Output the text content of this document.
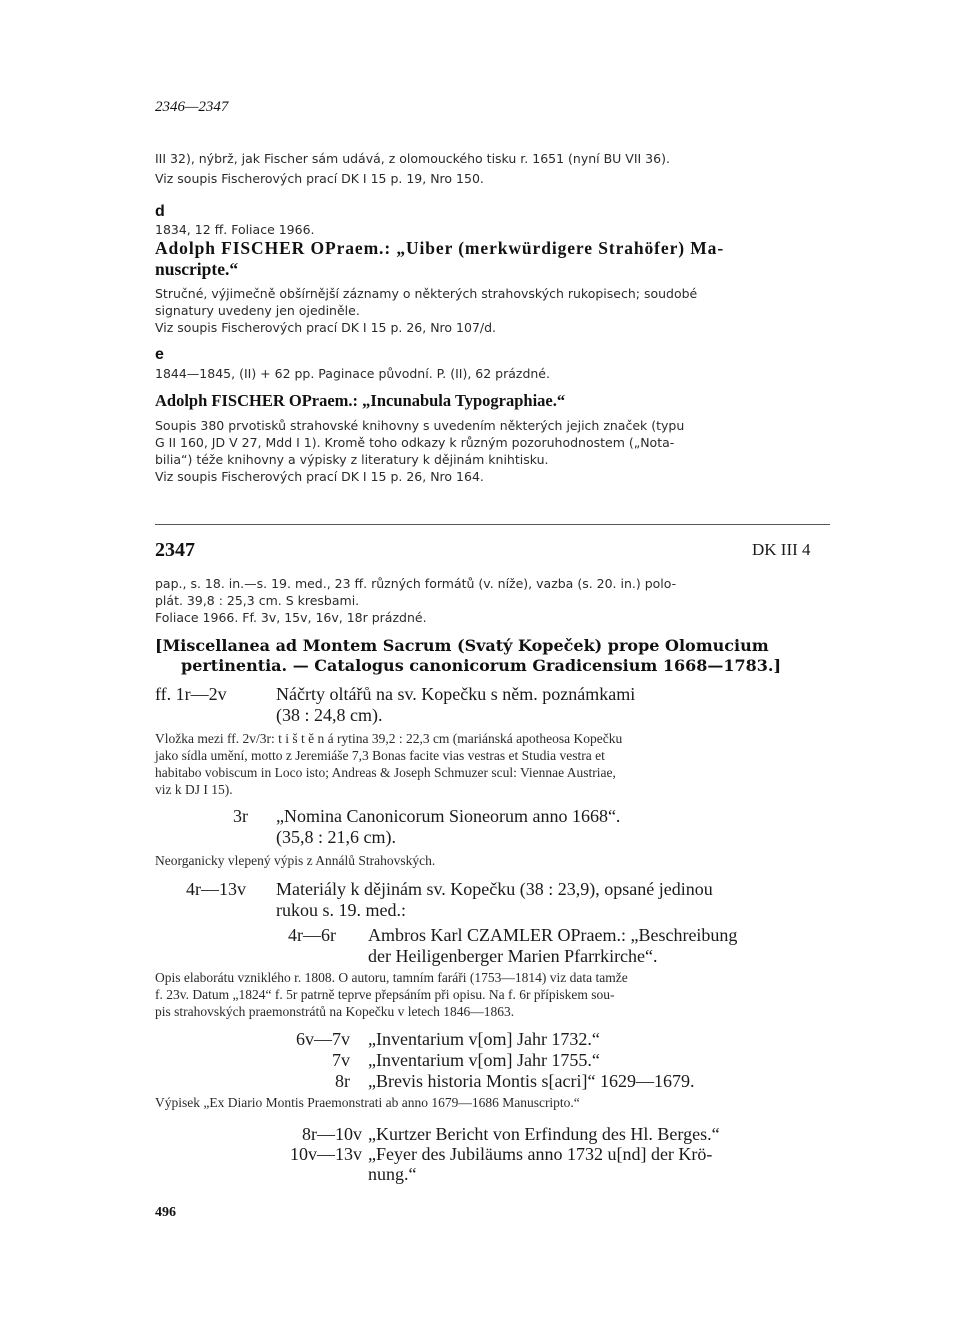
2346—2347
III 32), nýbrž, jak Fischer sám udává, z olomouckého tisku r. 1651 (nyní BU VII 36).
Viz soupis Fischerových prací DK I 15 p. 19, Nro 150.
d
1834, 12 ff. Foliace 1966.
Adolph FISCHER OPraem.: „Uiber (merkwürdigere Strahöfer) Ma-
nuscripte.“
Stručné, výjimečně obšírnější záznamy o některých strahovských rukopisech; soudobé
signatury uvedeny jen ojediněle.
Viz soupis Fischerových prací DK I 15 p. 26, Nro 107/d.
e
1844—1845, (II) + 62 pp. Paginace původní. P. (II), 62 prázdné.
Adolph FISCHER OPraem.: „Incunabula Typographiae.“
Soupis 380 prvotisků strahovské knihovny s uvedením některých jejich značek (typu
G II 160, JD V 27, Mdd I 1). Kromě toho odkazy k různým pozoruhodnostem („Nota-
bilia“) téže knihovny a výpisky z literatury k dějinám knihtisku.
Viz soupis Fischerových prací DK I 15 p. 26, Nro 164.
2347	DK III 4
pap., s. 18. in.—s. 19. med., 23 ff. různých formátů (v. níže), vazba (s. 20. in.) polo-
plát. 39,8 : 25,3 cm. S kresbami.
Foliace 1966. Ff. 3v, 15v, 16v, 18r prázdné.
[Miscellanea ad Montem Sacrum (Svatý Kopeček) prope Olomucium
pertinentia. — Catalogus canonicorum Gradicensium 1668—1783.]
ff. 1r—2v	Náčrty oltářů na sv. Kopečku s něm. poznámkami
(38 : 24,8 cm).
Vložka mezi ff. 2v/3r: t i š t ě n á rytina 39,2 : 22,3 cm (mariánská apotheosa Kopečku
jako sídla umění, motto z Jeremiáše 7,3 Bonas facite vias vestras et Studia vestra et
habitabo vobiscum in Loco isto; Andreas & Joseph Schmuzer scul: Viennae Austriae,
viz k DJ I 15).
3r „Nomina Canonicorum Sioneorum anno 1668“.
(35,8 : 21,6 cm).
Neorganicky vlepený výpis z Annálů Strahovských.
4r—13v Materiály k dějinám sv. Kopečku (38 : 23,9), opsané jedinou
rukou s. 19. med.:
4r—6r Ambros Karl CZAMLER OPraem.: „Beschreibung
der Heiligenberger Marien Pfarrkirche“.
Opis elaborátu vzniklého r. 1808. O autoru, tamním faráři (1753—1814) viz data tamže
f. 23v. Datum „1824“ f. 5r patrně teprve přepsáním při opisu. Na f. 6r přípiskem sou-
pis strahovských praemonstrátů na Kopečku v letech 1846—1863.
6v—7v „Inventarium v[om] Jahr 1732.“
7v „Inventarium v[om] Jahr 1755.“
8r „Brevis historia Montis s[acri]“ 1629—1679.
Výpisek „Ex Diario Montis Praemonstrati ab anno 1679—1686 Manuscripto.“
8r—10v „Kurtzer Bericht von Erfindung des Hl. Berges.“
10v—13v „Feyer des Jubiläums anno 1732 u[nd] der Krö-
nung.“
496
